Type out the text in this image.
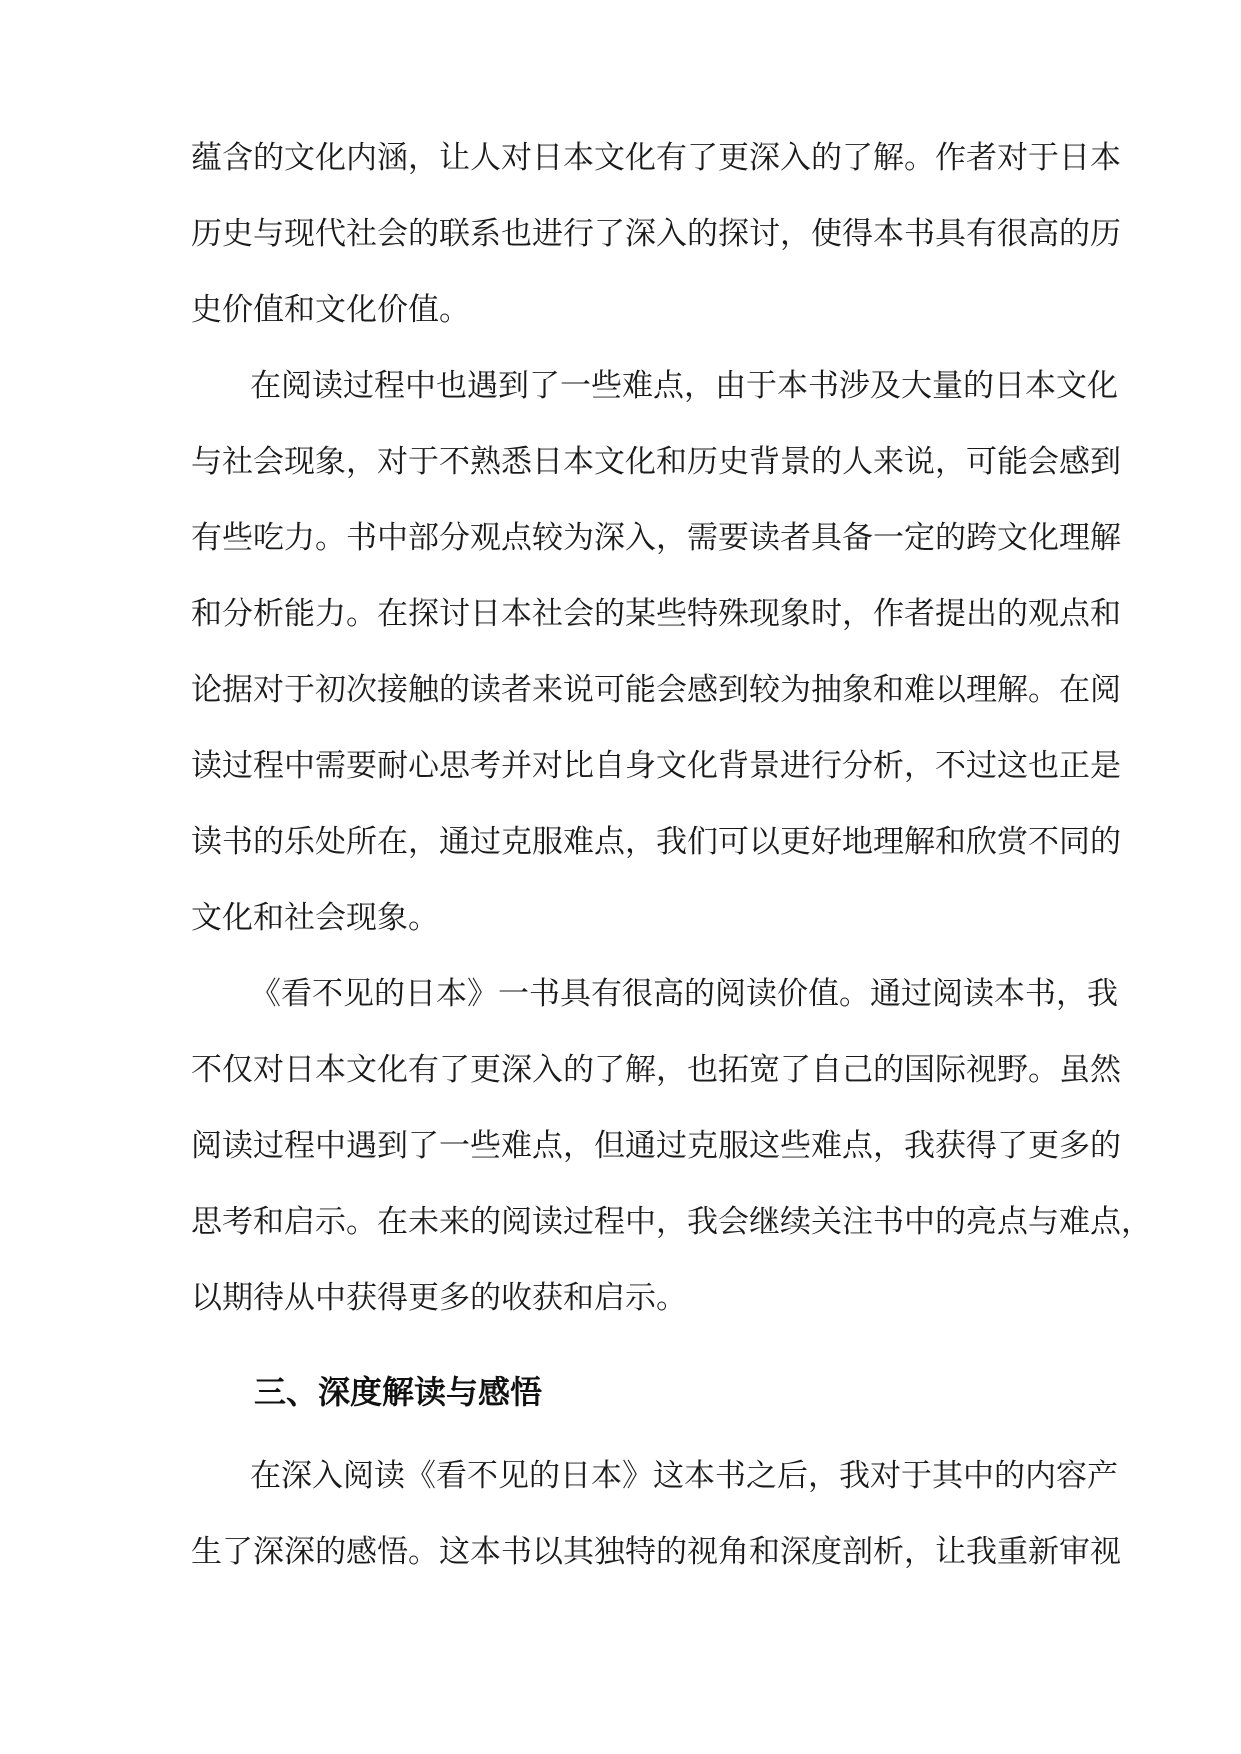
蕴含的文化内涵，让人对日本文化有了更深入的了解。作者对于日本

历史与现代社会的联系也进行了深入的探讨，使得本书具有很高的历

史价值和文化价值。

在阅读过程中也遇到了一些难点，由于本书涉及大量的日本文化

与社会现象，对于不熟悉日本文化和历史背景的人来说，可能会感到

有些吃力。书中部分观点较为深入，需要读者具备一定的跨文化理解

和分析能力。在探讨日本社会的某些特殊现象时，作者提出的观点和

论据对于初次接触的读者来说可能会感到较为抽象和难以理解。在阅

读过程中需要耐心思考并对比自身文化背景进行分析，不过这也正是

读书的乐处所在，通过克服难点，我们可以更好地理解和欣赏不同的

文化和社会现象。

《看不见的日本》一书具有很高的阅读价值。通过阅读本书，我

不仅对日本文化有了更深入的了解，也拓宽了自己的国际视野。虽然

阅读过程中遇到了一些难点，但通过克服这些难点，我获得了更多的

思考和启示。在未来的阅读过程中，我会继续关注书中的亮点与难点，

以期待从中获得更多的收获和启示。

三、深度解读与感悟

在深入阅读《看不见的日本》这本书之后，我对于其中的内容产

生了深深的感悟。这本书以其独特的视角和深度剖析，让我重新审视
